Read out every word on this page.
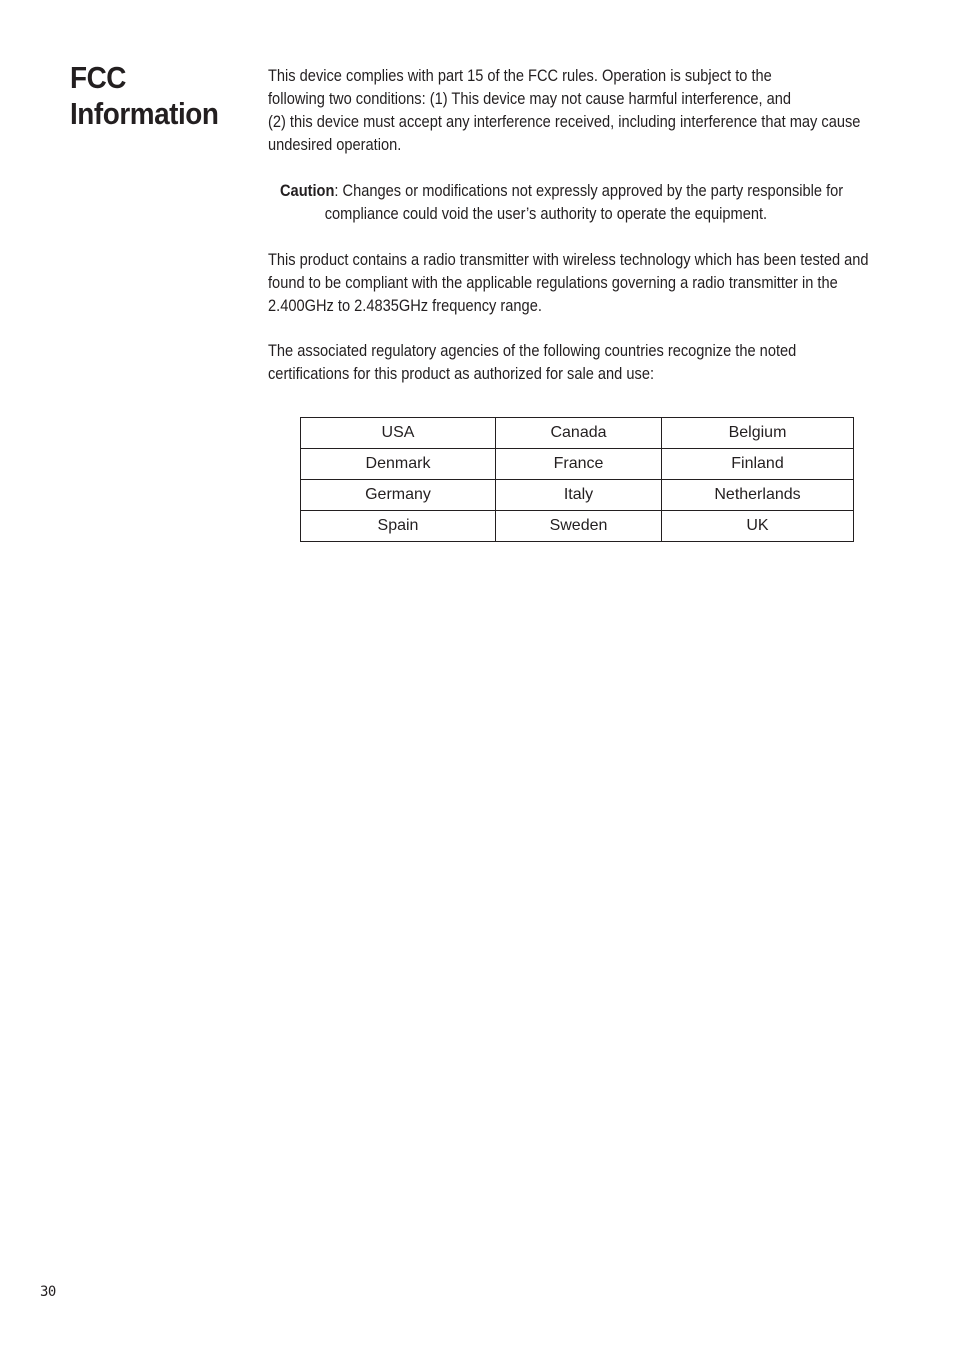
FCC
Information

This device complies with part 15 of the FCC rules. Operation is subject to the
following two conditions: (1) This device may not cause harmful interference, and
(2) this device must accept any interference received, including interference that may cause
undesired operation.

Caution: Changes or modifications not expressly approved by the party responsible for
compliance could void the user’s authority to operate the equipment.

This product contains a radio transmitter with wireless technology which has been tested and
found to be compliant with the applicable regulations governing a radio transmitter in the
2.400GHz to 2.4835GHz frequency range.

The associated regulatory agencies of the following countries recognize the noted
certifications for this product as authorized for sale and use:

USA	Canada	Belgium
Denmark	France	Finland
Germany	Italy	Netherlands
Spain	Sweden	UK
30
